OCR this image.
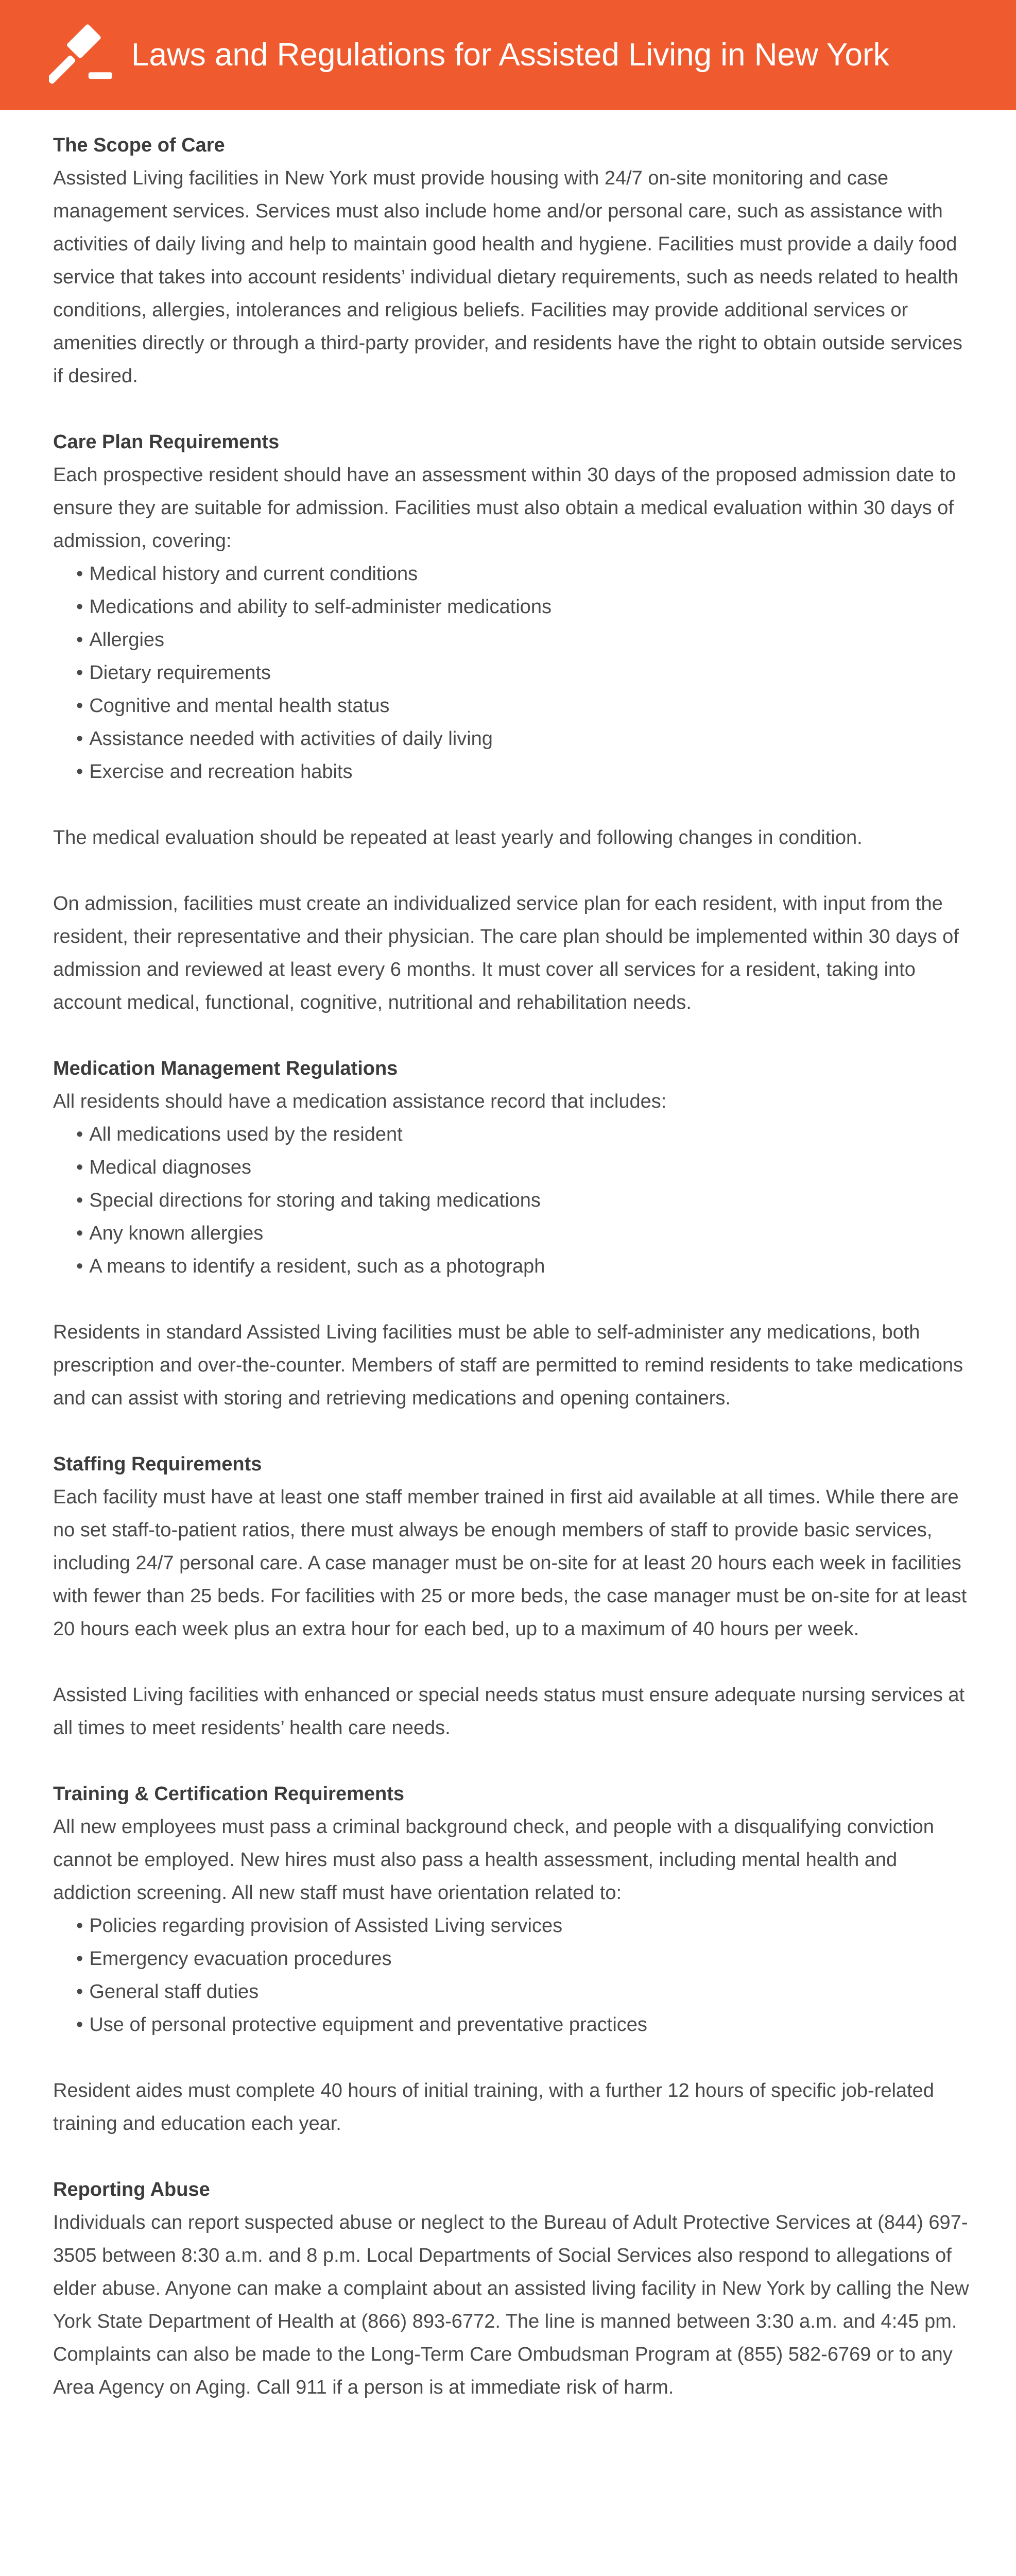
Laws and Regulations for Assisted Living in New York
The Scope of Care

Assisted Living facilities in New York must provide housing with 24/7 on-site monitoring and case management services. Services must also include home and/or personal care, such as assistance with activities of daily living and help to maintain good health and hygiene. Facilities must provide a daily food service that takes into account residents’ individual dietary requirements, such as needs related to health conditions, allergies, intolerances and religious beliefs. Facilities may provide additional services or amenities directly or through a third-party provider, and residents have the right to obtain outside services if desired.

Care Plan Requirements

Each prospective resident should have an assessment within 30 days of the proposed admission date to ensure they are suitable for admission. Facilities must also obtain a medical evaluation within 30 days of admission, covering:

• Medical history and current conditions
• Medications and ability to self-administer medications
• Allergies
• Dietary requirements
• Cognitive and mental health status
• Assistance needed with activities of daily living
• Exercise and recreation habits

The medical evaluation should be repeated at least yearly and following changes in condition.

On admission, facilities must create an individualized service plan for each resident, with input from the resident, their representative and their physician. The care plan should be implemented within 30 days of admission and reviewed at least every 6 months. It must cover all services for a resident, taking into account medical, functional, cognitive, nutritional and rehabilitation needs.

Medication Management Regulations

All residents should have a medication assistance record that includes:

• All medications used by the resident
• Medical diagnoses
• Special directions for storing and taking medications
• Any known allergies
• A means to identify a resident, such as a photograph

Residents in standard Assisted Living facilities must be able to self-administer any medications, both prescription and over-the-counter. Members of staff are permitted to remind residents to take medications and can assist with storing and retrieving medications and opening containers.

Staffing Requirements

Each facility must have at least one staff member trained in first aid available at all times. While there are no set staff-to-patient ratios, there must always be enough members of staff to provide basic services, including 24/7 personal care. A case manager must be on-site for at least 20 hours each week in facilities with fewer than 25 beds. For facilities with 25 or more beds, the case manager must be on-site for at least 20 hours each week plus an extra hour for each bed, up to a maximum of 40 hours per week.

Assisted Living facilities with enhanced or special needs status must ensure adequate nursing services at all times to meet residents’ health care needs.

Training & Certification Requirements

All new employees must pass a criminal background check, and people with a disqualifying conviction cannot be employed. New hires must also pass a health assessment, including mental health and addiction screening. All new staff must have orientation related to:

• Policies regarding provision of Assisted Living services
• Emergency evacuation procedures
• General staff duties
• Use of personal protective equipment and preventative practices

Resident aides must complete 40 hours of initial training, with a further 12 hours of specific job-related training and education each year.

Reporting Abuse

Individuals can report suspected abuse or neglect to the Bureau of Adult Protective Services at (844) 697-3505 between 8:30 a.m. and 8 p.m. Local Departments of Social Services also respond to allegations of elder abuse. Anyone can make a complaint about an assisted living facility in New York by calling the New York State Department of Health at (866) 893-6772. The line is manned between 3:30 a.m. and 4:45 pm. Complaints can also be made to the Long-Term Care Ombudsman Program at (855) 582-6769 or to any Area Agency on Aging. Call 911 if a person is at immediate risk of harm.
